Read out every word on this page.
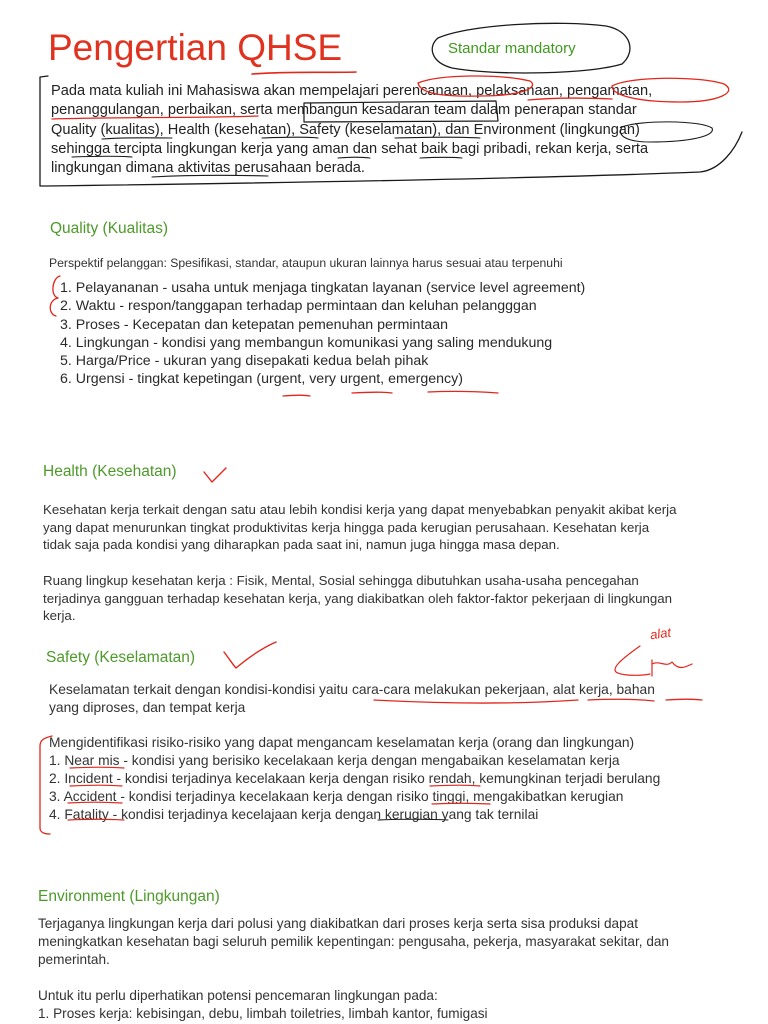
Pengertian QHSE	Standar mandatory
Pada mata kuliah ini Mahasiswa akan mempelajari perencanaan, pelaksanaan, pengamatan,
penanggulangan, perbaikan, serta membangun kesadaran team dalam penerapan standar
Quality (kualitas), Health (kesehatan), Safety (keselamatan), dan Environment (lingkungan)
sehingga tercipta lingkungan kerja yang aman dan sehat baik bagi pribadi, rekan kerja, serta
lingkungan dimana aktivitas perusahaan berada.
Quality (Kualitas)
Perspektif pelanggan: Spesifikasi, standar, ataupun ukuran lainnya harus sesuai atau terpenuhi
1. Pelayananan - usaha untuk menjaga tingkatan layanan (service level agreement)
2. Waktu - respon/tanggapan terhadap permintaan dan keluhan pelangggan
3. Proses - Kecepatan dan ketepatan pemenuhan permintaan
4. Lingkungan - kondisi yang membangun komunikasi yang saling mendukung
5. Harga/Price - ukuran yang disepakati kedua belah pihak
6. Urgensi - tingkat kepetingan (urgent, very urgent, emergency)
Health (Kesehatan)
Kesehatan kerja terkait dengan satu atau lebih kondisi kerja yang dapat menyebabkan penyakit akibat kerja
yang dapat menurunkan tingkat produktivitas kerja hingga pada kerugian perusahaan. Kesehatan kerja
tidak saja pada kondisi yang diharapkan pada saat ini, namun juga hingga masa depan.
Ruang lingkup kesehatan kerja : Fisik, Mental, Sosial sehingga dibutuhkan usaha-usaha pencegahan
terjadinya gangguan terhadap kesehatan kerja, yang diakibatkan oleh faktor-faktor pekerjaan di lingkungan
kerja.
Safety (Keselamatan)
Keselamatan terkait dengan kondisi-kondisi yaitu cara-cara melakukan pekerjaan, alat kerja, bahan
yang diproses, dan tempat kerja
Mengidentifikasi risiko-risiko yang dapat mengancam keselamatan kerja (orang dan lingkungan)
1. Near mis - kondisi yang berisiko kecelakaan kerja dengan mengabaikan keselamatan kerja
2. Incident - kondisi terjadinya kecelakaan kerja dengan risiko rendah, kemungkinan terjadi berulang
3. Accident - kondisi terjadinya kecelakaan kerja dengan risiko tinggi, mengakibatkan kerugian
4. Fatality - kondisi terjadinya kecelajaan kerja dengan kerugian yang tak ternilai
alat
Environment (Lingkungan)
Terjaganya lingkungan kerja dari polusi yang diakibatkan dari proses kerja serta sisa produksi dapat
meningkatkan kesehatan bagi seluruh pemilik kepentingan: pengusaha, pekerja, masyarakat sekitar, dan
pemerintah.
Untuk itu perlu diperhatikan potensi pencemaran lingkungan pada:
1. Proses kerja: kebisingan, debu, limbah toiletries, limbah kantor, fumigasi
